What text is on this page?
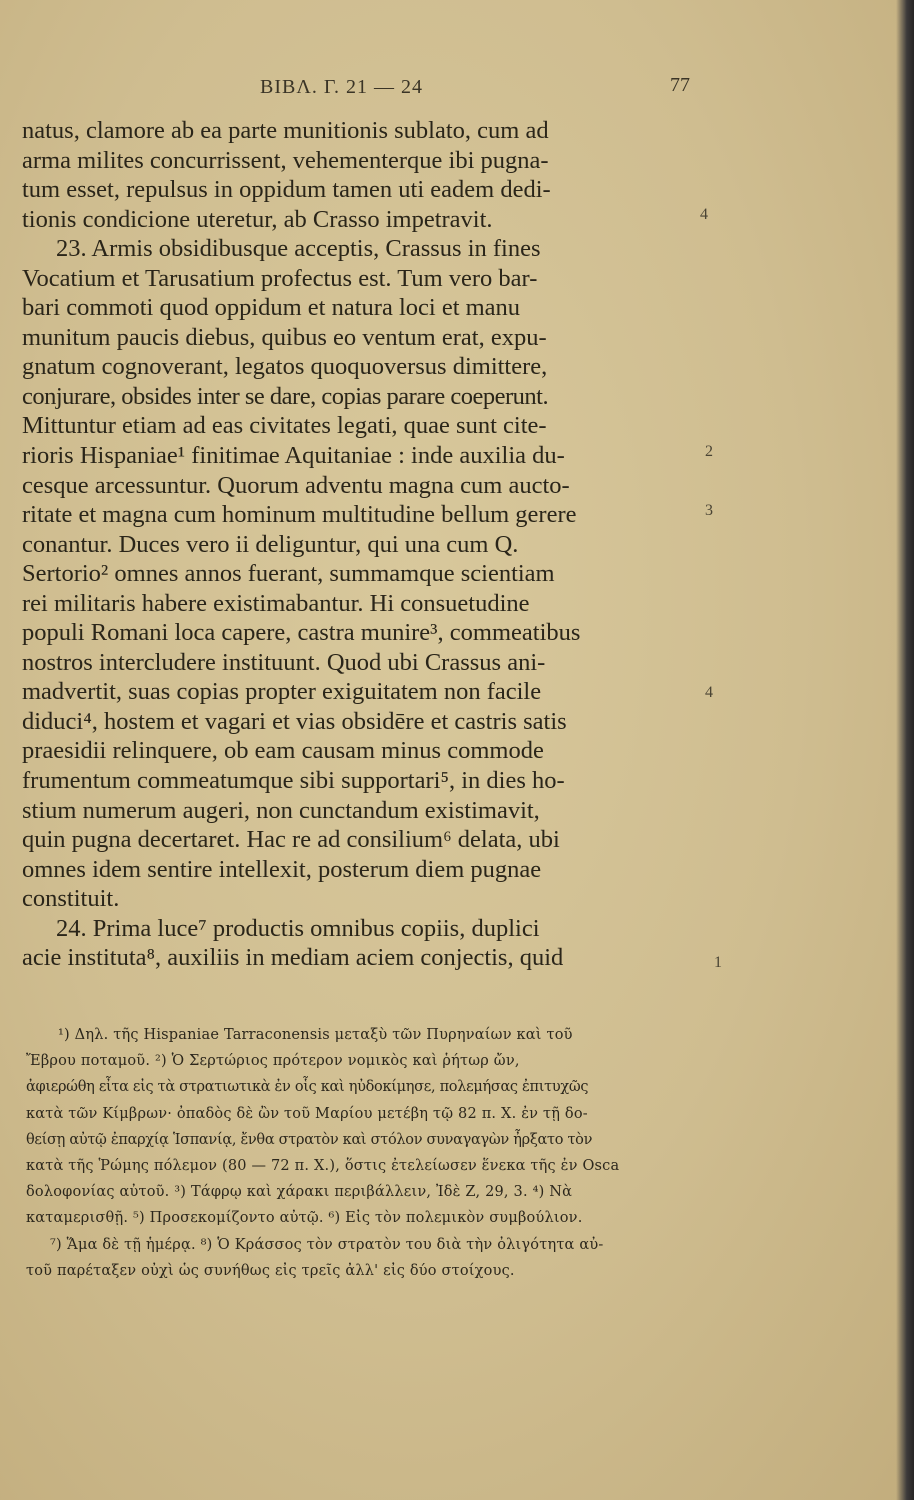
ΒΙΒΛ. Γ. 21 — 24	77
natus, clamore ab ea parte munitionis sublato, cum ad
arma milites concurrissent, vehementerque ibi pugna-
tum esset, repulsus in oppidum tamen uti eadem dedi-
tionis condicione uteretur, ab Crasso impetravit.
23. Armis obsidibusque acceptis, Crassus in fines
Vocatium et Tarusatium profectus est. Tum vero bar-
bari commoti quod oppidum et natura loci et manu
munitum paucis diebus, quibus eo ventum erat, expu-
gnatum cognoverant, legatos quoquoversus dimittere,
conjurare, obsides inter se dare, copias parare coeperunt.
Mittuntur etiam ad eas civitates legati, quae sunt cite-
rioris Hispaniae¹ finitimae Aquitaniae : inde auxilia du-
cesque arcessuntur. Quorum adventu magna cum aucto-
ritate et magna cum hominum multitudine bellum gerere
conantur. Duces vero ii deliguntur, qui una cum Q.
Sertorio² omnes annos fuerant, summamque scientiam
rei militaris habere existimabantur. Hi consuetudine
populi Romani loca capere, castra munire³, commeatibus
nostros intercludere instituunt. Quod ubi Crassus ani-
madvertit, suas copias propter exiguitatem non facile
diduci⁴, hostem et vagari et vias obsidēre et castris satis
praesidii relinquere, ob eam causam minus commode
frumentum commeatumque sibi supportari⁵, in dies ho-
stium numerum augeri, non cunctandum existimavit,
quin pugna decertaret. Hac re ad consilium⁶ delata, ubi
omnes idem sentire intellexit, posterum diem pugnae
constituit.
24. Prima luce⁷ productis omnibus copiis, duplici
acie instituta⁸, auxiliis in mediam aciem conjectis, quid
4
2
3
4
1
¹) Δηλ. τῆς Hispaniae Tarraconensis μεταξὺ τῶν Πυρηναίων καὶ τοῦ
Ἔβρου ποταμοῦ. ²) Ὁ Σερτώριος πρότερον νομικὸς καὶ ῥήτωρ ὤν,
ἀφιερώθη εἶτα εἰς τὰ στρατιωτικὰ ἐν οἷς καὶ ηὐδοκίμησε, πολεμήσας ἐπιτυχῶς
κατὰ τῶν Κίμβρων· ὀπαδὸς δὲ ὢν τοῦ Μαρίου μετέβη τῷ 82 π. Χ. ἐν τῇ δο-
θείσῃ αὐτῷ ἐπαρχίᾳ Ἱσπανίᾳ, ἔνθα στρατὸν καὶ στόλον συναγαγὼν ἦρξατο τὸν
κατὰ τῆς Ῥώμης πόλεμον (80 — 72 π. Χ.), ὅστις ἐτελείωσεν ἕνεκα τῆς ἐν Osca
δολοφονίας αὐτοῦ. ³) Τάφρῳ καὶ χάρακι περιβάλλειν, Ἰδὲ Z, 29, 3. ⁴) Νὰ
καταμερισθῇ. ⁵) Προσεκομίζοντο αὐτῷ. ⁶) Εἰς τὸν πολεμικὸν συμβούλιον.
⁷) Ἅμα δὲ τῇ ἡμέρᾳ. ⁸) Ὁ Κράσσος τὸν στρατὸν του διὰ τὴν ὀλιγότητα αὐ-
τοῦ παρέταξεν οὐχὶ ὡς συνήθως εἰς τρεῖς ἀλλ' εἰς δύο στοίχους.
